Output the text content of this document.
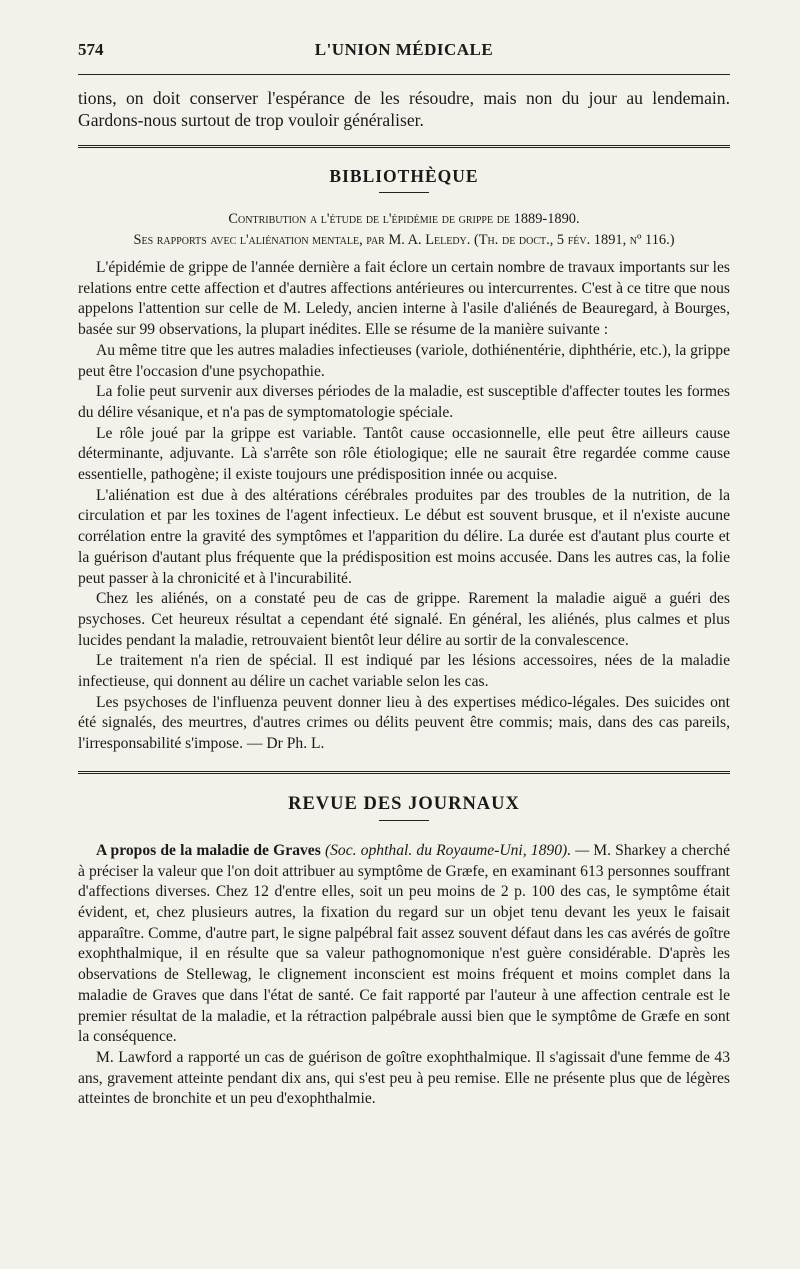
574	L'UNION MÉDICALE

tions, on doit conserver l'espérance de les résoudre, mais non du jour au lendemain. Gardons-nous surtout de trop vouloir généraliser.

BIBLIOTHÈQUE

Contribution a l'étude de l'épidémie de grippe de 1889-1890.

Ses rapports avec l'aliénation mentale, par M. A. Leledy. (Th. de doct., 5 fév. 1891, nº 116.)

L'épidémie de grippe de l'année dernière a fait éclore un certain nombre de travaux importants sur les relations entre cette affection et d'autres affections antérieures ou intercurrentes. C'est à ce titre que nous appelons l'attention sur celle de M. Leledy, ancien interne à l'asile d'aliénés de Beauregard, à Bourges, basée sur 99 observations, la plupart inédites. Elle se résume de la manière suivante :

Au même titre que les autres maladies infectieuses (variole, dothiénentérie, diphthérie, etc.), la grippe peut être l'occasion d'une psychopathie.

La folie peut survenir aux diverses périodes de la maladie, est susceptible d'affecter toutes les formes du délire vésanique, et n'a pas de symptomatologie spéciale.

Le rôle joué par la grippe est variable. Tantôt cause occasionnelle, elle peut être ailleurs cause déterminante, adjuvante. Là s'arrête son rôle étiologique; elle ne saurait être regardée comme cause essentielle, pathogène; il existe toujours une prédisposition innée ou acquise.

L'aliénation est due à des altérations cérébrales produites par des troubles de la nutrition, de la circulation et par les toxines de l'agent infectieux. Le début est souvent brusque, et il n'existe aucune corrélation entre la gravité des symptômes et l'apparition du délire. La durée est d'autant plus courte et la guérison d'autant plus fréquente que la prédisposition est moins accusée. Dans les autres cas, la folie peut passer à la chronicité et à l'incurabilité.

Chez les aliénés, on a constaté peu de cas de grippe. Rarement la maladie aiguë a guéri des psychoses. Cet heureux résultat a cependant été signalé. En général, les aliénés, plus calmes et plus lucides pendant la maladie, retrouvaient bientôt leur délire au sortir de la convalescence.

Le traitement n'a rien de spécial. Il est indiqué par les lésions accessoires, nées de la maladie infectieuse, qui donnent au délire un cachet variable selon les cas.

Les psychoses de l'influenza peuvent donner lieu à des expertises médico-légales. Des suicides ont été signalés, des meurtres, d'autres crimes ou délits peuvent être commis; mais, dans des cas pareils, l'irresponsabilité s'impose. — Dr Ph. L.

REVUE DES JOURNAUX

A propos de la maladie de Graves (Soc. ophthal. du Royaume-Uni, 1890). — M. Sharkey a cherché à préciser la valeur que l'on doit attribuer au symptôme de Græfe, en examinant 613 personnes souffrant d'affections diverses. Chez 12 d'entre elles, soit un peu moins de 2 p. 100 des cas, le symptôme était évident, et, chez plusieurs autres, la fixation du regard sur un objet tenu devant les yeux le faisait apparaître. Comme, d'autre part, le signe palpébral fait assez souvent défaut dans les cas avérés de goître exophthalmique, il en résulte que sa valeur pathognomonique n'est guère considérable. D'après les observations de Stellewag, le clignement inconscient est moins fréquent et moins complet dans la maladie de Graves que dans l'état de santé. Ce fait rapporté par l'auteur à une affection centrale est le premier résultat de la maladie, et la rétraction palpébrale aussi bien que le symptôme de Græfe en sont la conséquence.

M. Lawford a rapporté un cas de guérison de goître exophthalmique. Il s'agissait d'une femme de 43 ans, gravement atteinte pendant dix ans, qui s'est peu à peu remise. Elle ne présente plus que de légères atteintes de bronchite et un peu d'exophthalmie.
